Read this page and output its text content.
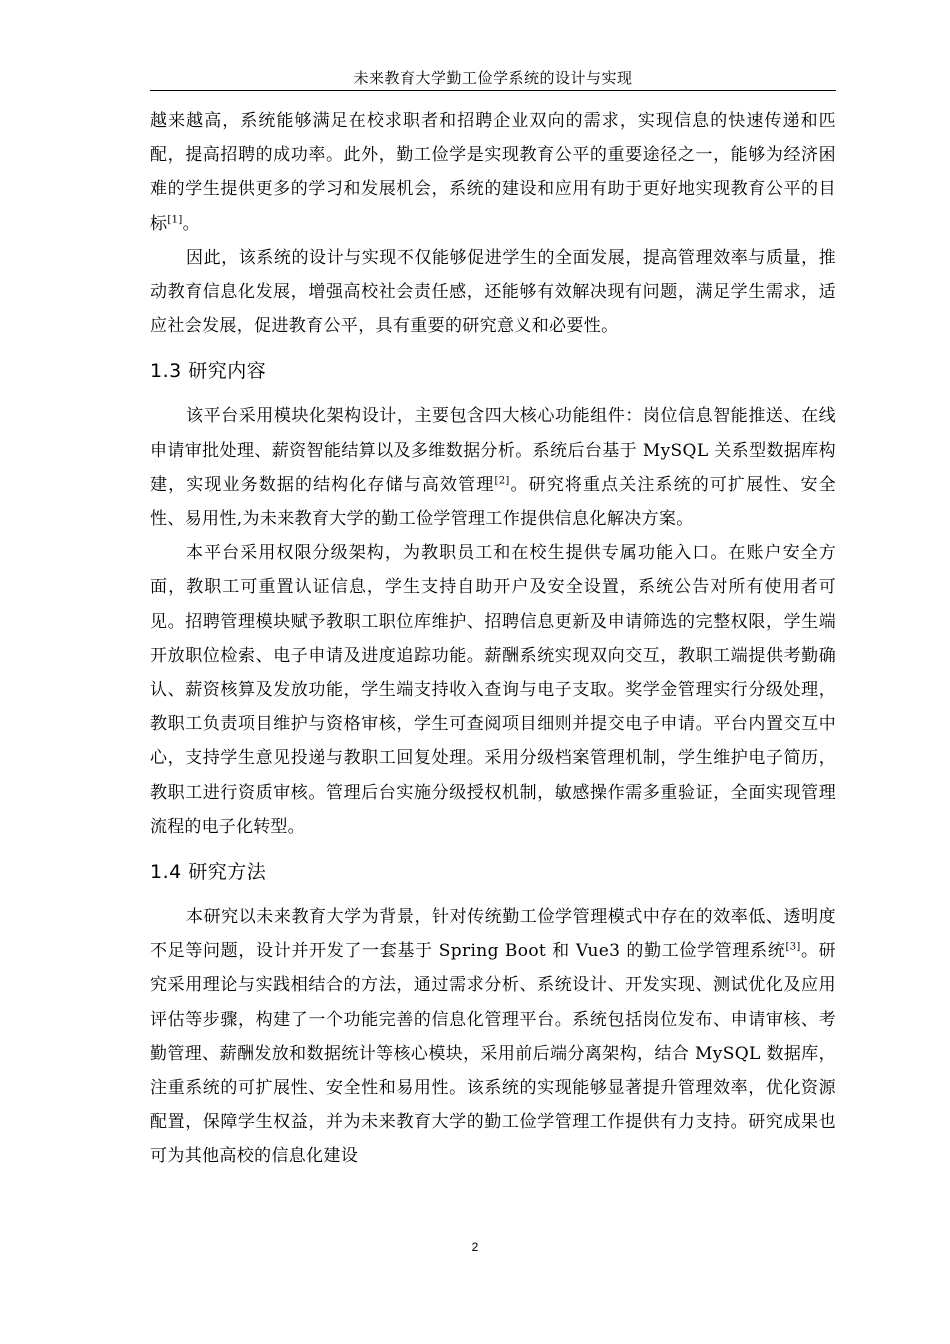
未来教育大学勤工俭学系统的设计与实现

越来越高，系统能够满足在校求职者和招聘企业双向的需求，实现信息的快速传递和匹配，提高招聘的成功率。此外，勤工俭学是实现教育公平的重要途径之一，能够为经济困难的学生提供更多的学习和发展机会，系统的建设和应用有助于更好地实现教育公平的目标[1]。

因此，该系统的设计与实现不仅能够促进学生的全面发展，提高管理效率与质量，推动教育信息化发展，增强高校社会责任感，还能够有效解决现有问题，满足学生需求，适应社会发展，促进教育公平，具有重要的研究意义和必要性。

1.3 研究内容

该平台采用模块化架构设计，主要包含四大核心功能组件：岗位信息智能推送、在线申请审批处理、薪资智能结算以及多维数据分析。系统后台基于 MySQL 关系型数据库构建，实现业务数据的结构化存储与高效管理[2]。研究将重点关注系统的可扩展性、安全性、易用性,为未来教育大学的勤工俭学管理工作提供信息化解决方案。

本平台采用权限分级架构，为教职员工和在校生提供专属功能入口。在账户安全方面，教职工可重置认证信息，学生支持自助开户及安全设置，系统公告对所有使用者可见。招聘管理模块赋予教职工职位库维护、招聘信息更新及申请筛选的完整权限，学生端开放职位检索、电子申请及进度追踪功能。薪酬系统实现双向交互，教职工端提供考勤确认、薪资核算及发放功能，学生端支持收入查询与电子支取。奖学金管理实行分级处理，教职工负责项目维护与资格审核，学生可查阅项目细则并提交电子申请。平台内置交互中心，支持学生意见投递与教职工回复处理。采用分级档案管理机制，学生维护电子简历，教职工进行资质审核。管理后台实施分级授权机制，敏感操作需多重验证，全面实现管理流程的电子化转型。

1.4 研究方法

本研究以未来教育大学为背景，针对传统勤工俭学管理模式中存在的效率低、透明度不足等问题，设计并开发了一套基于 Spring Boot 和 Vue3 的勤工俭学管理系统[3]。研究采用理论与实践相结合的方法，通过需求分析、系统设计、开发实现、测试优化及应用评估等步骤，构建了一个功能完善的信息化管理平台。系统包括岗位发布、申请审核、考勤管理、薪酬发放和数据统计等核心模块，采用前后端分离架构，结合 MySQL 数据库，注重系统的可扩展性、安全性和易用性。该系统的实现能够显著提升管理效率，优化资源配置，保障学生权益，并为未来教育大学的勤工俭学管理工作提供有力支持。研究成果也可为其他高校的信息化建设

2
